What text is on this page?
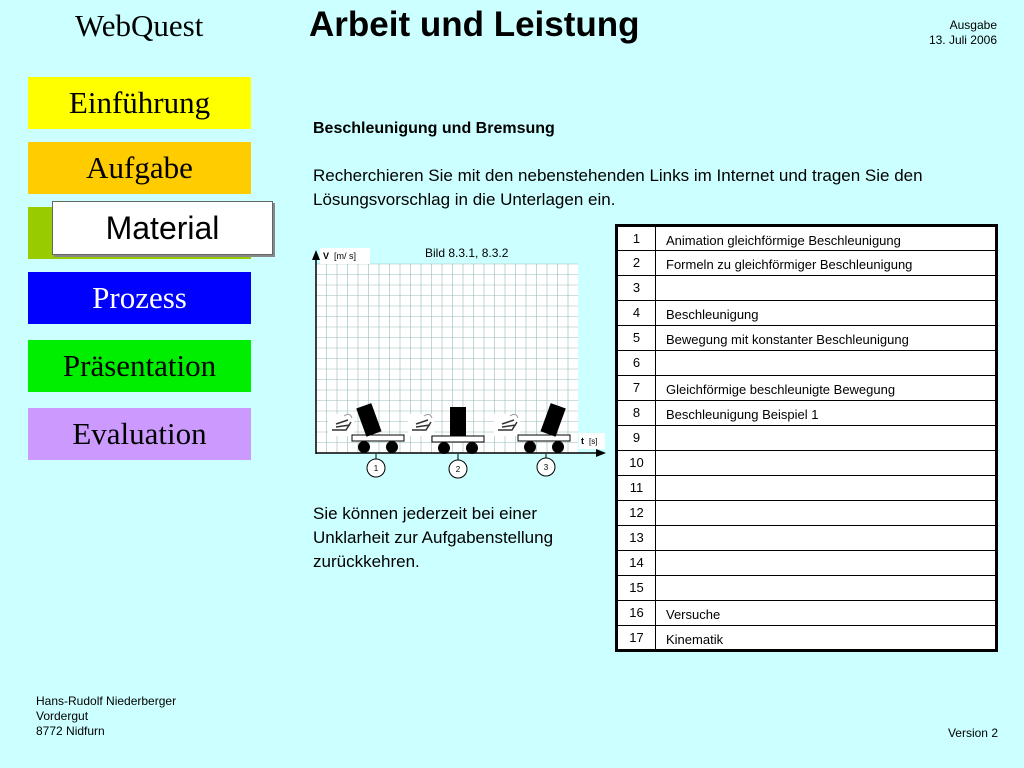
WebQuest	Arbeit und Leistung	Ausgabe
13. Juli 2006
Einführung
Aufgabe
Material
Prozess
Präsentation
Evaluation
Beschleunigung und Bremsung
Recherchieren Sie mit den nebenstehenden Links im Internet und tragen Sie den Lösungsvorschlag in die Unterlagen ein.
Bild 8.3.1, 8.3.2
V [m/ s]
t [s]
1	2	3
Sie können jederzeit bei einer Unklarheit zur Aufgabenstellung zurückkehren.
1	Animation gleichförmige Beschleunigung
2	Formeln zu gleichförmiger Beschleunigung
3	
4	Beschleunigung
5	Bewegung mit konstanter Beschleunigung
6	
7	Gleichförmige beschleunigte Bewegung
8	Beschleunigung Beispiel 1
9	
10	
11	
12	
13	
14	
15	
16	Versuche
17	Kinematik
Hans-Rudolf Niederberger
Vordergut
8772 Nidfurn	Version 2
